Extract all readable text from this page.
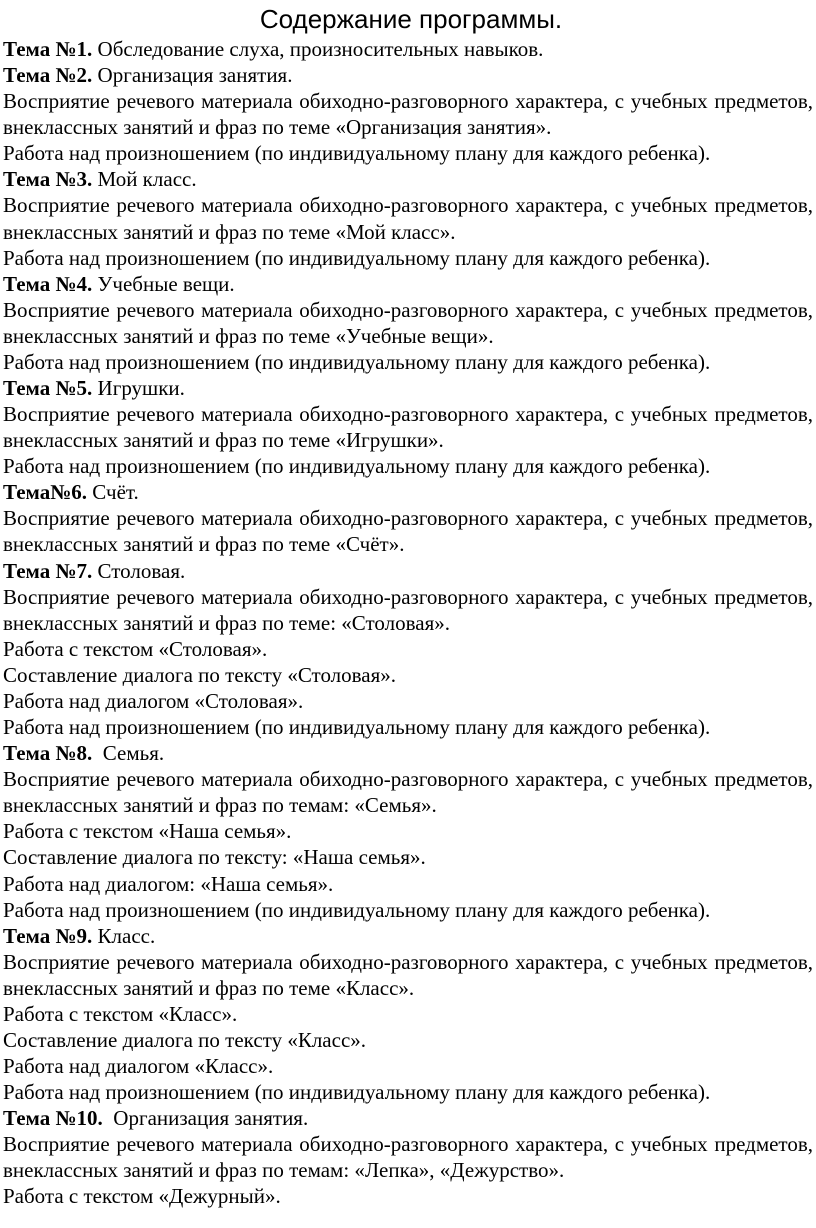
Содержание программы.

Тема №1. Обследование слуха, произносительных навыков.

Тема №2. Организация занятия.

Восприятие речевого материала обиходно-разговорного характера, с учебных предметов, внеклассных занятий и фраз по теме «Организация занятия».

Работа над произношением (по индивидуальному плану для каждого ребенка).

Тема №3. Мой класс.

Восприятие речевого материала обиходно-разговорного характера, с учебных предметов, внеклассных занятий и фраз по теме «Мой класс».

Работа над произношением (по индивидуальному плану для каждого ребенка).

Тема №4. Учебные вещи.

Восприятие речевого материала обиходно-разговорного характера, с учебных предметов, внеклассных занятий и фраз по теме «Учебные вещи».

Работа над произношением (по индивидуальному плану для каждого ребенка).

Тема №5. Игрушки.

Восприятие речевого материала обиходно-разговорного характера, с учебных предметов, внеклассных занятий и фраз по теме «Игрушки».

Работа над произношением (по индивидуальному плану для каждого ребенка).

Тема№6. Счёт.

Восприятие речевого материала обиходно-разговорного характера, с учебных предметов, внеклассных занятий и фраз по теме «Счёт».

Тема №7. Столовая.

Восприятие речевого материала обиходно-разговорного характера, с учебных предметов, внеклассных занятий и фраз по теме: «Столовая».

Работа с текстом «Столовая».

Составление диалога по тексту «Столовая».

Работа над диалогом «Столовая».

Работа над произношением (по индивидуальному плану для каждого ребенка).

Тема №8.  Семья.

Восприятие речевого материала обиходно-разговорного характера, с учебных предметов, внеклассных занятий и фраз по темам: «Семья».

Работа с текстом «Наша семья».

Составление диалога по тексту: «Наша семья».

Работа над диалогом: «Наша семья».

Работа над произношением (по индивидуальному плану для каждого ребенка).

Тема №9. Класс.

Восприятие речевого материала обиходно-разговорного характера, с учебных предметов, внеклассных занятий и фраз по теме «Класс».

Работа с текстом «Класс».

Составление диалога по тексту «Класс».

Работа над диалогом «Класс».

Работа над произношением (по индивидуальному плану для каждого ребенка).

Тема №10.  Организация занятия.

Восприятие речевого материала обиходно-разговорного характера, с учебных предметов, внеклассных занятий и фраз по темам: «Лепка», «Дежурство».

Работа с текстом «Дежурный».
